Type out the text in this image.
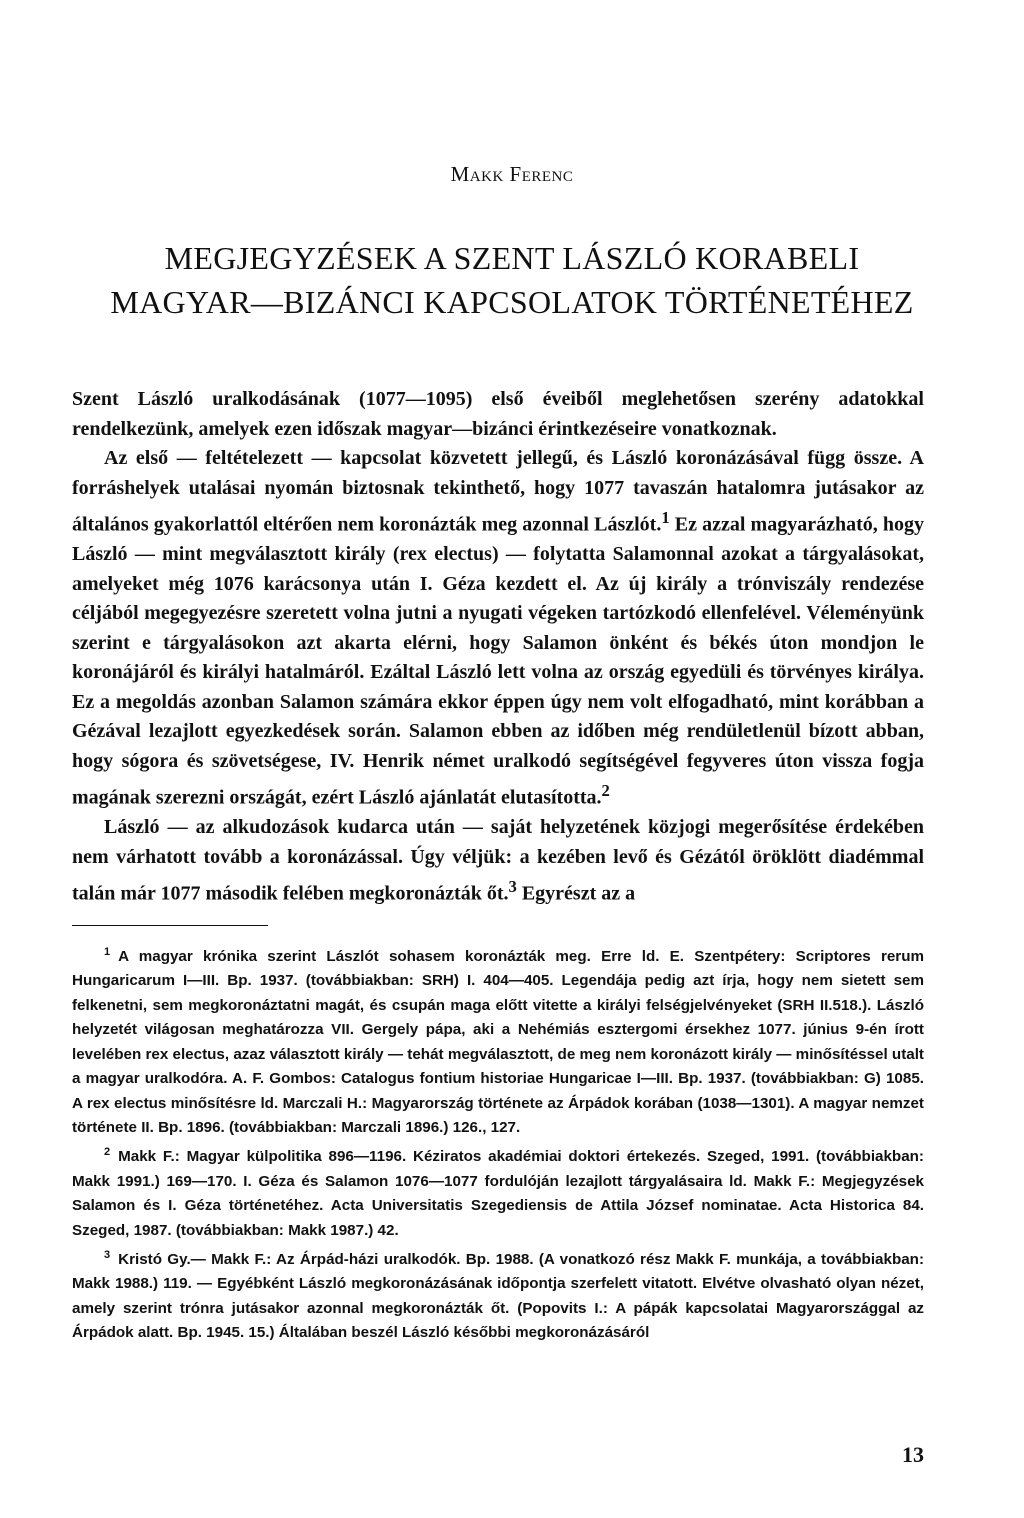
Makk Ferenc
MEGJEGYZÉSEK A SZENT LÁSZLÓ KORABELI
MAGYAR—BIZÁNCI KAPCSOLATOK TÖRTÉNETÉHEZ

Szent László uralkodásának (1077—1095) első éveiből meglehetősen szerény adatokkal rendelkezünk, amelyek ezen időszak magyar—bizánci érintkezéseire vonatkoznak.

Az első — feltételezett — kapcsolat közvetett jellegű, és László koronázásával függ össze. A forráshelyek utalásai nyomán biztosnak tekinthető, hogy 1077 tavaszán hatalomra jutásakor az általános gyakorlattól eltérően nem koronázták meg azonnal Lászlót.$^1$ Ez azzal magyarázható, hogy László — mint megválasztott király (rex electus) — folytatta Salamonnal azokat a tárgyalásokat, amelyeket még 1076 karácsonya után I. Géza kezdett el. Az új király a trónviszály rendezése céljából megegyezésre szeretett volna jutni a nyugati végeken tartózkodó ellenfelével. Véleményünk szerint e tárgyalásokon azt akarta elérni, hogy Salamon önként és békés úton mondjon le koronájáról és királyi hatalmáról. Ezáltal László lett volna az ország egyedüli és törvényes királya. Ez a megoldás azonban Salamon számára ekkor éppen úgy nem volt elfogadható, mint korábban a Gézával lezajlott egyezkedések során. Salamon ebben az időben még rendületlenül bízott abban, hogy sógora és szövetségese, IV. Henrik német uralkodó segítségével fegyveres úton vissza fogja magának szerezni országát, ezért László ajánlatát elutasította.$^2$

László — az alkudozások kudarca után — saját helyzetének közjogi megerősítése érdekében nem várhatott tovább a koronázással. Úgy véljük: a kezében levő és Gézától öröklött diadémmal talán már 1077 második felében megkoronázták őt.$^3$ Egyrészt az a

$^1$ A magyar krónika szerint Lászlót sohasem koronázták meg. Erre ld. E. Szentpétery: Scriptores rerum Hungaricarum I—III. Bp. 1937. (továbbiakban: SRH) I. 404—405. Legendája pedig azt írja, hogy nem sietett sem felkenetni, sem megkoronáztatni magát, és csupán maga előtt vitette a királyi felségjelvényeket (SRH II.518.). László helyzetét világosan meghatározza VII. Gergely pápa, aki a Nehémiás esztergomi érsekhez 1077. június 9-én írott levelében rex electus, azaz választott király — tehát megválasztott, de meg nem koronázott király — minősítéssel utalt a magyar uralkodóra. A. F. Gombos: Catalogus fontium historiae Hungaricae I—III. Bp. 1937. (továbbiakban: G) 1085. A rex electus minősítésre ld. Marczali H.: Magyarország története az Árpádok korában (1038—1301). A magyar nemzet története II. Bp. 1896. (továbbiakban: Marczali 1896.) 126., 127.

$^2$ Makk F.: Magyar külpolitika 896—1196. Kéziratos akadémiai doktori értekezés. Szeged, 1991. (továbbiakban: Makk 1991.) 169—170. I. Géza és Salamon 1076—1077 fordulóján lezajlott tárgyalásaira ld. Makk F.: Megjegyzések Salamon és I. Géza történetéhez. Acta Universitatis Szegediensis de Attila József nominatae. Acta Historica 84. Szeged, 1987. (továbbiakban: Makk 1987.) 42.

$^3$ Kristó Gy.— Makk F.: Az Árpád-házi uralkodók. Bp. 1988. (A vonatkozó rész Makk F. munkája, a továbbiakban: Makk 1988.) 119. — Egyébként László megkoronázásának időpontja szerfelett vitatott. Elvétve olvasható olyan nézet, amely szerint trónra jutásakor azonnal megkoronázták őt. (Popovits I.: A pápák kapcsolatai Magyarországgal az Árpádok alatt. Bp. 1945. 15.) Általában beszél László későbbi megkoronázásáról

13
